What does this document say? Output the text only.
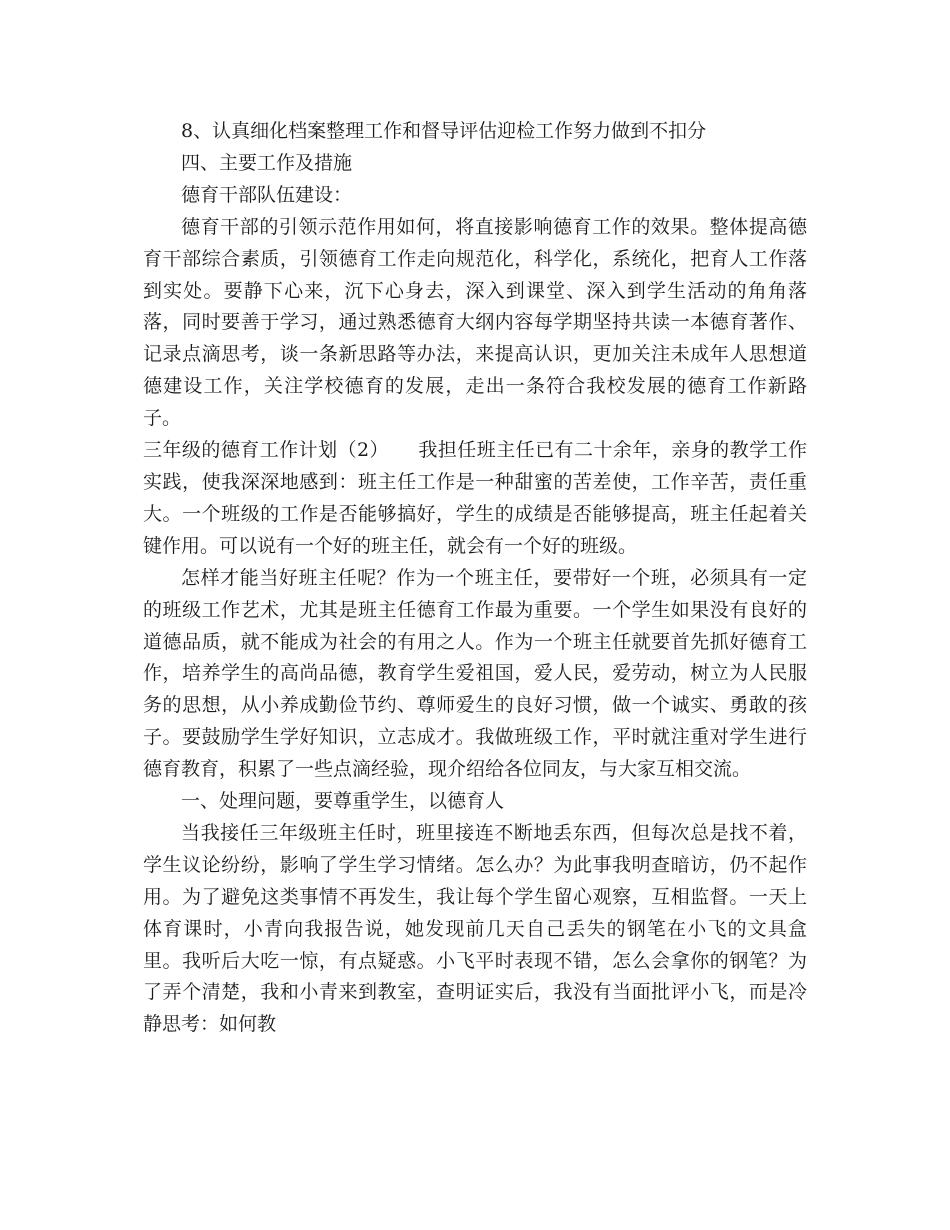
8、认真细化档案整理工作和督导评估迎检工作努力做到不扣分

四、主要工作及措施

德育干部队伍建设：

德育干部的引领示范作用如何，将直接影响德育工作的效果。整体提高德育干部综合素质，引领德育工作走向规范化，科学化，系统化，把育人工作落到实处。要静下心来，沉下心身去，深入到课堂、深入到学生活动的角角落落，同时要善于学习，通过熟悉德育大纲内容每学期坚持共读一本德育著作、记录点滴思考，谈一条新思路等办法，来提高认识，更加关注未成年人思想道德建设工作，关注学校德育的发展，走出一条符合我校发展的德育工作新路子。

三年级的德育工作计划（2）　　我担任班主任已有二十余年，亲身的教学工作实践，使我深深地感到：班主任工作是一种甜蜜的苦差使，工作辛苦，责任重大。一个班级的工作是否能够搞好，学生的成绩是否能够提高，班主任起着关键作用。可以说有一个好的班主任，就会有一个好的班级。

怎样才能当好班主任呢？作为一个班主任，要带好一个班，必须具有一定的班级工作艺术，尤其是班主任德育工作最为重要。一个学生如果没有良好的道德品质，就不能成为社会的有用之人。作为一个班主任就要首先抓好德育工作，培养学生的高尚品德，教育学生爱祖国，爱人民，爱劳动，树立为人民服务的思想，从小养成勤俭节约、尊师爱生的良好习惯，做一个诚实、勇敢的孩子。要鼓励学生学好知识，立志成才。我做班级工作，平时就注重对学生进行德育教育，积累了一些点滴经验，现介绍给各位同友，与大家互相交流。

一、处理问题，要尊重学生，以德育人

当我接任三年级班主任时，班里接连不断地丢东西，但每次总是找不着，学生议论纷纷，影响了学生学习情绪。怎么办？为此事我明查暗访，仍不起作用。为了避免这类事情不再发生，我让每个学生留心观察，互相监督。一天上体育课时，小青向我报告说，她发现前几天自己丢失的钢笔在小飞的文具盒里。我听后大吃一惊，有点疑惑。小飞平时表现不错，怎么会拿你的钢笔？为了弄个清楚，我和小青来到教室，查明证实后，我没有当面批评小飞，而是冷静思考：如何教
